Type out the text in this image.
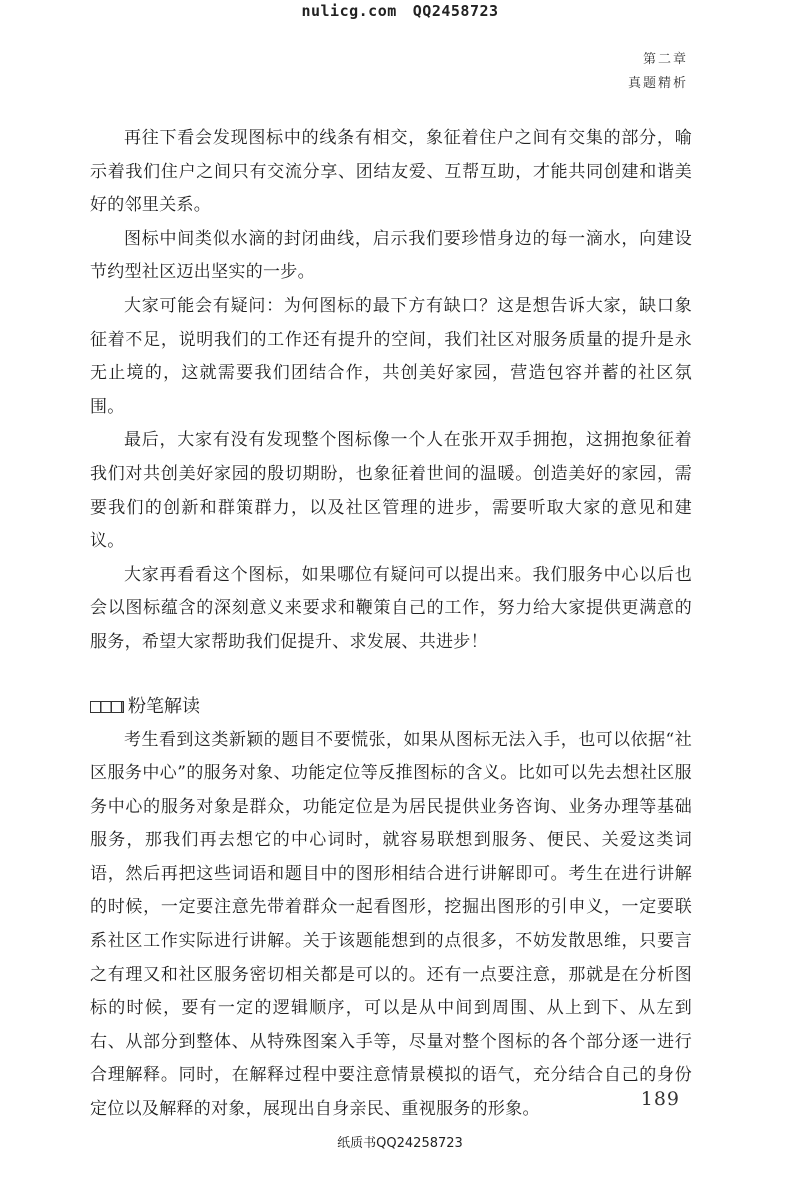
nulicg.com QQ2458723
第二章
真题精析

再往下看会发现图标中的线条有相交，象征着住户之间有交集的部分，喻示着我们住户之间只有交流分享、团结友爱、互帮互助，才能共同创建和谐美好的邻里关系。

图标中间类似水滴的封闭曲线，启示我们要珍惜身边的每一滴水，向建设节约型社区迈出坚实的一步。

大家可能会有疑问：为何图标的最下方有缺口？这是想告诉大家，缺口象征着不足，说明我们的工作还有提升的空间，我们社区对服务质量的提升是永无止境的，这就需要我们团结合作，共创美好家园，营造包容并蓄的社区氛围。

最后，大家有没有发现整个图标像一个人在张开双手拥抱，这拥抱象征着我们对共创美好家园的殷切期盼，也象征着世间的温暖。创造美好的家园，需要我们的创新和群策群力，以及社区管理的进步，需要听取大家的意见和建议。

大家再看看这个图标，如果哪位有疑问可以提出来。我们服务中心以后也会以图标蕴含的深刻意义来要求和鞭策自己的工作，努力给大家提供更满意的服务，希望大家帮助我们促提升、求发展、共进步！

粉笔解读

考生看到这类新颖的题目不要慌张，如果从图标无法入手，也可以依据“社区服务中心”的服务对象、功能定位等反推图标的含义。比如可以先去想社区服务中心的服务对象是群众，功能定位是为居民提供业务咨询、业务办理等基础服务，那我们再去想它的中心词时，就容易联想到服务、便民、关爱这类词语，然后再把这些词语和题目中的图形相结合进行讲解即可。考生在进行讲解的时候，一定要注意先带着群众一起看图形，挖掘出图形的引申义，一定要联系社区工作实际进行讲解。关于该题能想到的点很多，不妨发散思维，只要言之有理又和社区服务密切相关都是可以的。还有一点要注意，那就是在分析图标的时候，要有一定的逻辑顺序，可以是从中间到周围、从上到下、从左到右、从部分到整体、从特殊图案入手等，尽量对整个图标的各个部分逐一进行合理解释。同时，在解释过程中要注意情景模拟的语气，充分结合自己的身份定位以及解释的对象，展现出自身亲民、重视服务的形象。	189
纸质书QQ24258723
